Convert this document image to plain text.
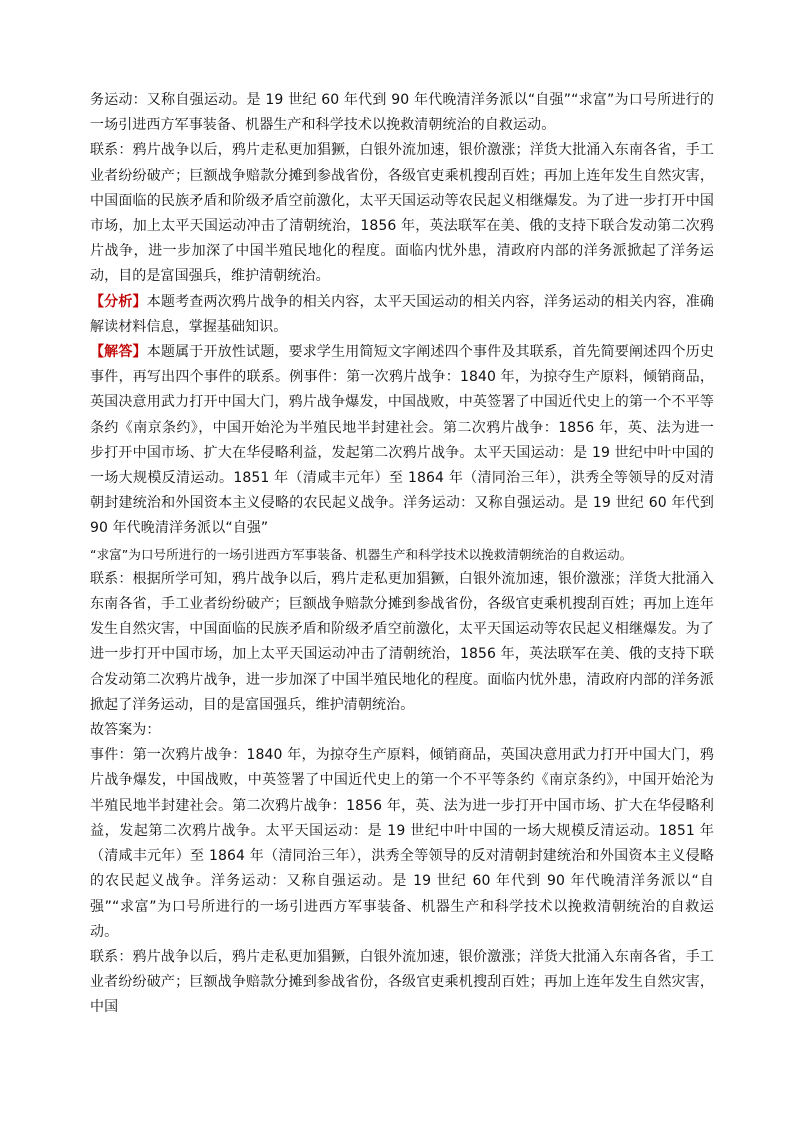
务运动：又称自强运动。是 19 世纪 60 年代到 90 年代晚清洋务派以“自强”“求富”为口号所进行的一场引进西方军事装备、机器生产和科学技术以挽救清朝统治的自救运动。

联系：鸦片战争以后，鸦片走私更加猖獗，白银外流加速，银价激涨；洋货大批涌入东南各省，手工业者纷纷破产；巨额战争赔款分摊到参战省份，各级官吏乘机搜刮百姓；再加上连年发生自然灾害，中国面临的民族矛盾和阶级矛盾空前激化，太平天国运动等农民起义相继爆发。为了进一步打开中国市场，加上太平天国运动冲击了清朝统治，1856 年，英法联军在美、俄的支持下联合发动第二次鸦片战争，进一步加深了中国半殖民地化的程度。面临内忧外患，清政府内部的洋务派掀起了洋务运动，目的是富国强兵，维护清朝统治。

【分析】本题考查两次鸦片战争的相关内容，太平天国运动的相关内容，洋务运动的相关内容，准确解读材料信息，掌握基础知识。

【解答】本题属于开放性试题，要求学生用简短文字阐述四个事件及其联系，首先简要阐述四个历史事件，再写出四个事件的联系。例事件：第一次鸦片战争：1840 年，为掠夺生产原料，倾销商品，英国决意用武力打开中国大门，鸦片战争爆发，中国战败，中英签署了中国近代史上的第一个不平等条约《南京条约》，中国开始沦为半殖民地半封建社会。第二次鸦片战争：1856 年，英、法为进一步打开中国市场、扩大在华侵略利益，发起第二次鸦片战争。太平天国运动：是 19 世纪中叶中国的一场大规模反清运动。1851 年（清咸丰元年）至 1864 年（清同治三年），洪秀全等领导的反对清朝封建统治和外国资本主义侵略的农民起义战争。洋务运动：又称自强运动。是 19 世纪 60 年代到 90 年代晚清洋务派以“自强”

“求富”为口号所进行的一场引进西方军事装备、机器生产和科学技术以挽救清朝统治的自救运动。

联系：根据所学可知，鸦片战争以后，鸦片走私更加猖獗，白银外流加速，银价激涨；洋货大批涌入东南各省，手工业者纷纷破产；巨额战争赔款分摊到参战省份，各级官吏乘机搜刮百姓；再加上连年发生自然灾害，中国面临的民族矛盾和阶级矛盾空前激化，太平天国运动等农民起义相继爆发。为了进一步打开中国市场，加上太平天国运动冲击了清朝统治，1856 年，英法联军在美、俄的支持下联合发动第二次鸦片战争，进一步加深了中国半殖民地化的程度。面临内忧外患，清政府内部的洋务派掀起了洋务运动，目的是富国强兵，维护清朝统治。

故答案为：

事件：第一次鸦片战争：1840 年，为掠夺生产原料，倾销商品，英国决意用武力打开中国大门，鸦片战争爆发，中国战败，中英签署了中国近代史上的第一个不平等条约《南京条约》，中国开始沦为半殖民地半封建社会。第二次鸦片战争：1856 年，英、法为进一步打开中国市场、扩大在华侵略利益，发起第二次鸦片战争。太平天国运动：是 19 世纪中叶中国的一场大规模反清运动。1851 年（清咸丰元年）至 1864 年（清同治三年），洪秀全等领导的反对清朝封建统治和外国资本主义侵略的农民起义战争。洋务运动：又称自强运动。是 19 世纪 60 年代到 90 年代晚清洋务派以“自强”“求富”为口号所进行的一场引进西方军事装备、机器生产和科学技术以挽救清朝统治的自救运动。

联系：鸦片战争以后，鸦片走私更加猖獗，白银外流加速，银价激涨；洋货大批涌入东南各省，手工业者纷纷破产；巨额战争赔款分摊到参战省份，各级官吏乘机搜刮百姓；再加上连年发生自然灾害，中国
